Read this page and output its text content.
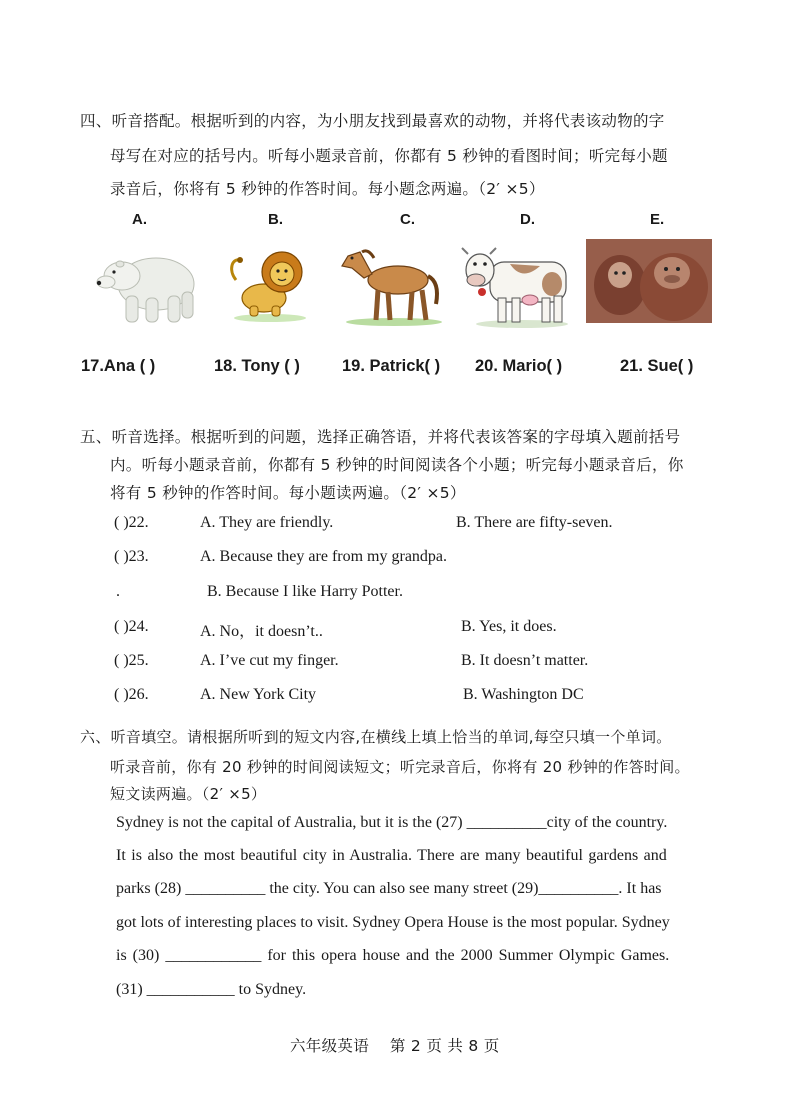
四、听音搭配。根据听到的内容，为小朋友找到最喜欢的动物，并将代表该动物的字
母写在对应的括号内。听每小题录音前，你都有 5 秒钟的看图时间；听完每小题
录音后，你将有 5 秒钟的作答时间。每小题念两遍。（2′ ×5）
A.	B.	C.	D.	E.
17.Ana ( )	18. Tony ( )	19. Patrick( ) 20. Mario( )	21. Sue( )
五、听音选择。根据听到的问题，选择正确答语，并将代表该答案的字母填入题前括号
内。听每小题录音前，你都有 5 秒钟的时间阅读各个小题；听完每小题录音后，你
将有 5 秒钟的作答时间。每小题读两遍。（2′ ×5）
( )22.	A. They are friendly.	B. There are fifty-seven.
( )23.	A. Because they are from my grandpa.
.	B. Because I like Harry Potter.
( )24.	A. No，it doesn’t..	B. Yes, it does.
( )25.	A. I’ve cut my finger.	B. It doesn’t matter.
( )26.	A. New York City	B. Washington DC
六、听音填空。请根据所听到的短文内容,在横线上填上恰当的单词,每空只填一个单词。
听录音前，你有 20 秒钟的时间阅读短文；听完录音后，你将有 20 秒钟的作答时间。
短文读两遍。（2′ ×5）
Sydney is not the capital of Australia, but it is the (27) __________city of the country.
It is also the most beautiful city in Australia. There are many beautiful gardens and
parks (28) __________ the city. You can also see many street (29)__________. It has
got lots of interesting places to visit. Sydney Opera House is the most popular. Sydney
is (30) ____________ for this opera house and the 2000 Summer Olympic Games.
(31) ___________ to Sydney.
六年级英语    第 2 页 共 8 页
